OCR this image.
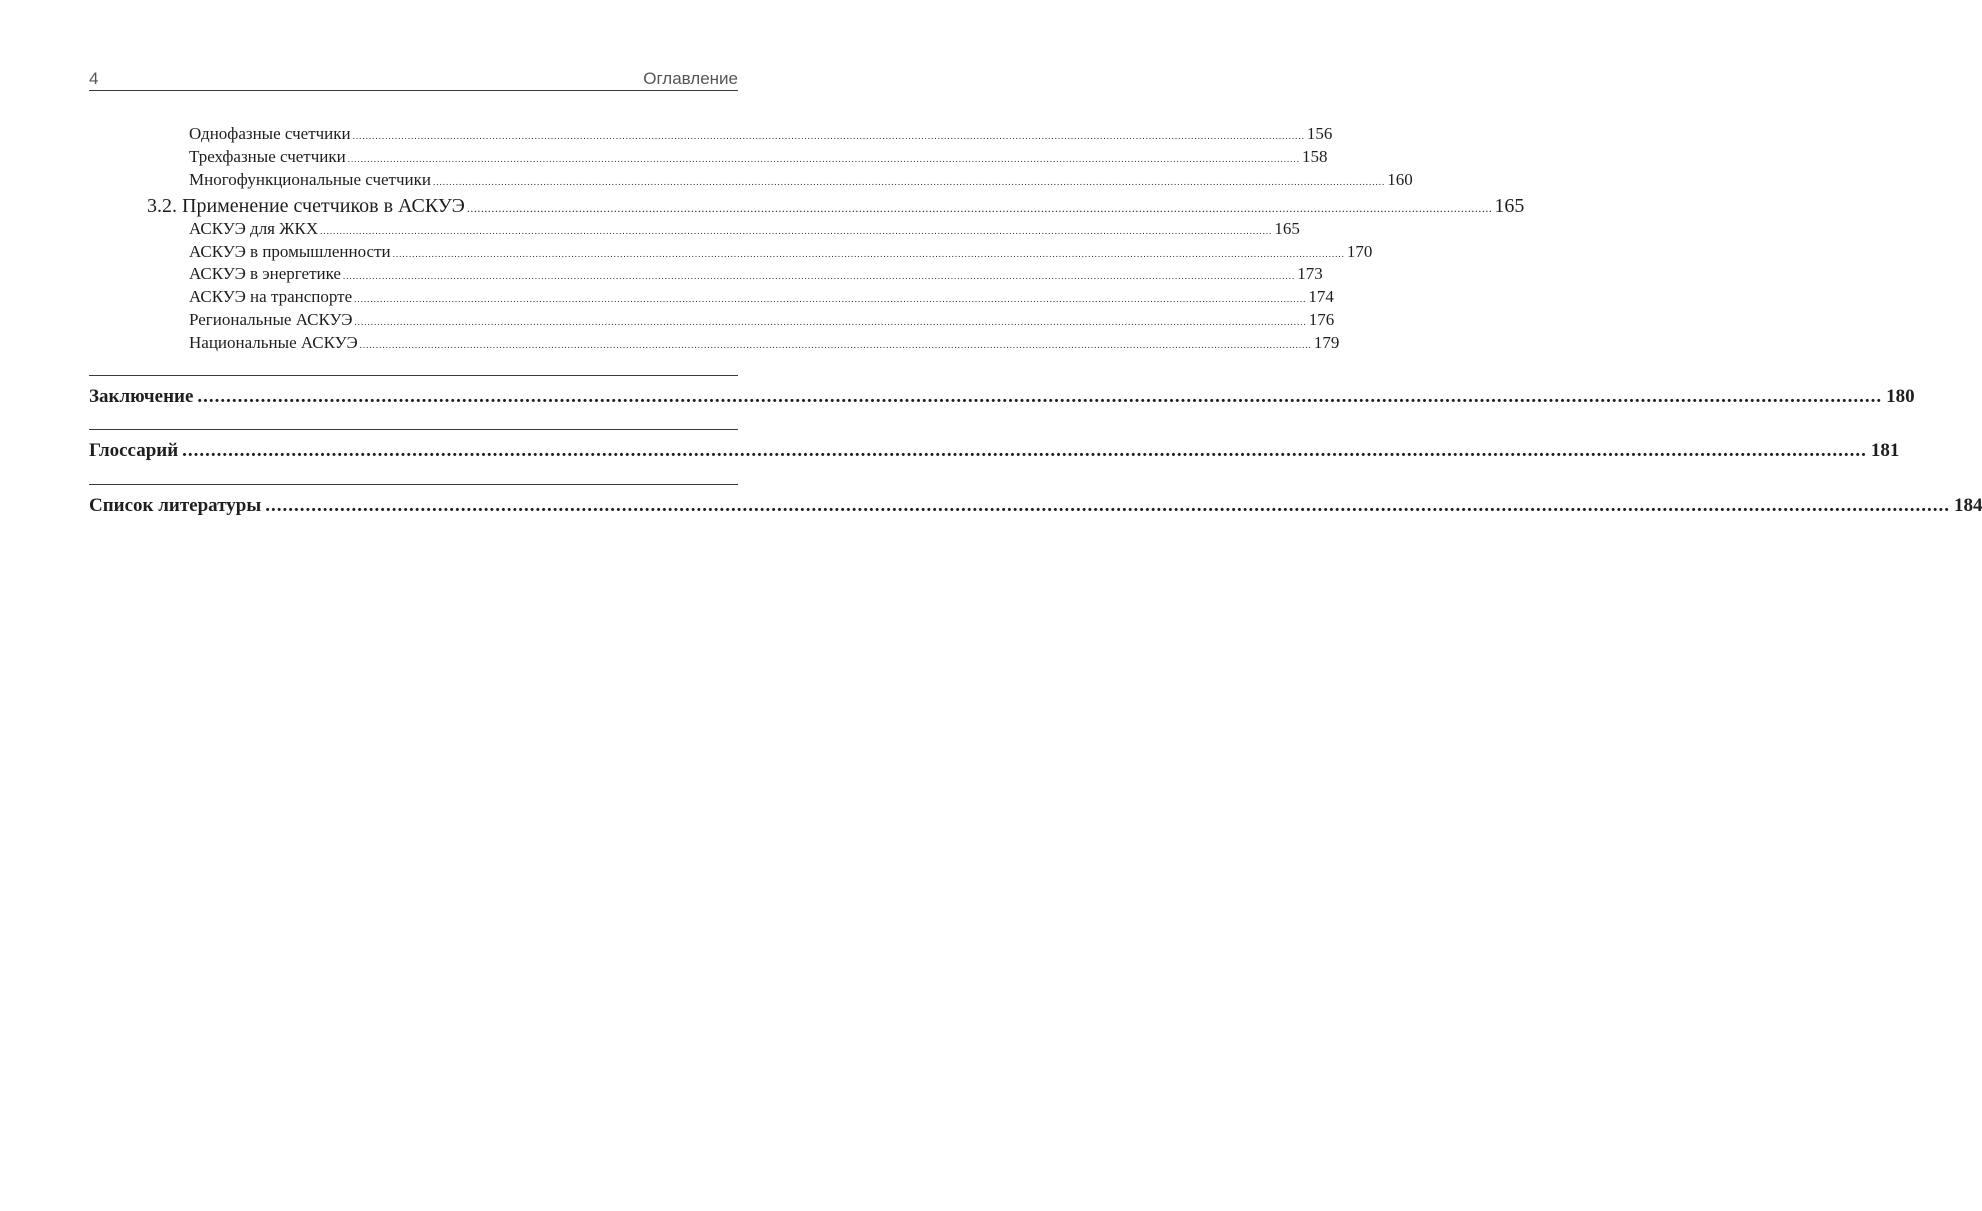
4	Оглавление
Однофазные счетчики ..................................................................................................................................................................................................................................................................................................... 156
Трехфазные счетчики ..................................................................................................................................................................................................................................................................................................... 158
Многофункциональные счетчики ..................................................................................................................................................................................................................................................................................................... 160
3.2. Применение счетчиков в АСКУЭ ..................................................................................................................................................................................................................................................................................................... 165
АСКУЭ для ЖКХ ..................................................................................................................................................................................................................................................................................................... 165
АСКУЭ в промышленности ..................................................................................................................................................................................................................................................................................................... 170
АСКУЭ в энергетике ..................................................................................................................................................................................................................................................................................................... 173
АСКУЭ на транспорте ..................................................................................................................................................................................................................................................................................................... 174
Региональные АСКУЭ ..................................................................................................................................................................................................................................................................................................... 176
Национальные АСКУЭ ..................................................................................................................................................................................................................................................................................................... 179
Заключение ..................................................................................................................................................................................................................................................................................................... 180
Глоссарий ..................................................................................................................................................................................................................................................................................................... 181
Список литературы ..................................................................................................................................................................................................................................................................................................... 184
